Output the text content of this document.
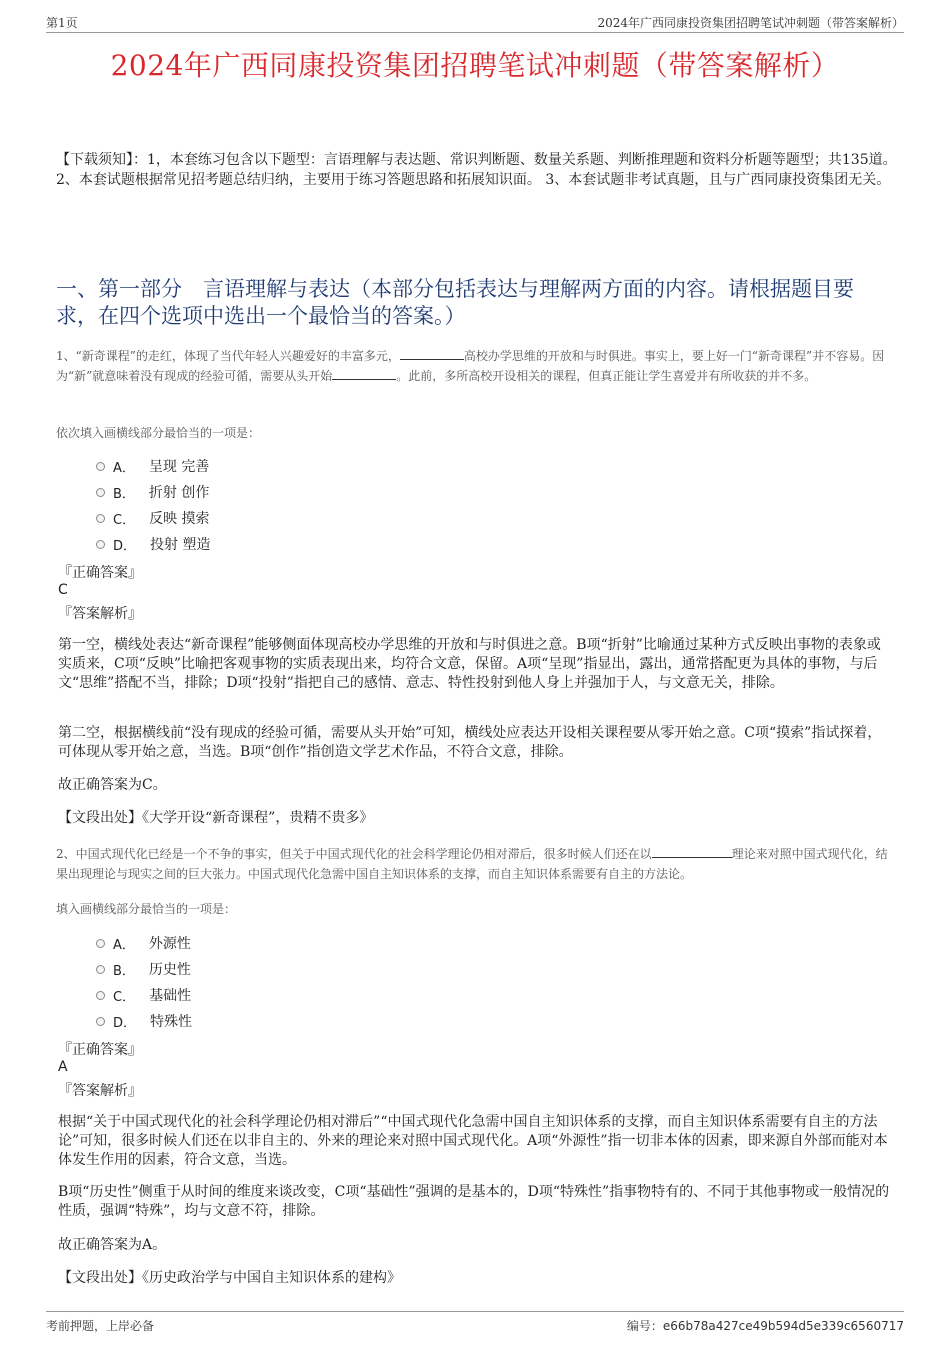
第1页	2024年广西同康投资集团招聘笔试冲刺题（带答案解析）
2024年广西同康投资集团招聘笔试冲刺题（带答案解析）
【下载须知】：1，本套练习包含以下题型：言语理解与表达题、常识判断题、数量关系题、判断推理题和资料分析题等题型；共135道。 2、本套试题根据常见招考题总结归纳，主要用于练习答题思路和拓展知识面。 3、本套试题非考试真题，且与广西同康投资集团无关。
一、第一部分　言语理解与表达（本部分包括表达与理解两方面的内容。请根据题目要求，在四个选项中选出一个最恰当的答案。）
1、“新奇课程”的走红，体现了当代年轻人兴趣爱好的丰富多元，	高校办学思维的开放和与时俱进。事实上，要上好一门“新奇课程”并不容易。因为“新”就意味着没有现成的经验可循，需要从头开始	。此前，多所高校开设相关的课程，但真正能让学生喜爱并有所收获的并不多。
依次填入画横线部分最恰当的一项是：
A． 呈现 完善
B． 折射 创作
C． 反映 摸索
D． 投射 塑造
『正确答案』
C
『答案解析』
第一空，横线处表达“新奇课程”能够侧面体现高校办学思维的开放和与时俱进之意。B项“折射”比喻通过某种方式反映出事物的表象或实质来，C项“反映”比喻把客观事物的实质表现出来，均符合文意，保留。A项“呈现”指显出，露出，通常搭配更为具体的事物，与后文“思维”搭配不当，排除；D项“投射”指把自己的感情、意志、特性投射到他人身上并强加于人，与文意无关，排除。
第二空，根据横线前“没有现成的经验可循，需要从头开始”可知，横线处应表达开设相关课程要从零开始之意。C项“摸索”指试探着，可体现从零开始之意，当选。B项“创作”指创造文学艺术作品，不符合文意，排除。
故正确答案为C。
【文段出处】《大学开设“新奇课程”，贵精不贵多》
2、中国式现代化已经是一个不争的事实，但关于中国式现代化的社会科学理论仍相对滞后，很多时候人们还在以	理论来对照中国式现代化，结果出现理论与现实之间的巨大张力。中国式现代化急需中国自主知识体系的支撑，而自主知识体系需要有自主的方法论。
填入画横线部分最恰当的一项是：
A． 外源性
B． 历史性
C． 基础性
D． 特殊性
『正确答案』
A
『答案解析』
根据“关于中国式现代化的社会科学理论仍相对滞后”“中国式现代化急需中国自主知识体系的支撑，而自主知识体系需要有自主的方法论”可知，很多时候人们还在以非自主的、外来的理论来对照中国式现代化。A项“外源性”指一切非本体的因素，即来源自外部而能对本体发生作用的因素，符合文意，当选。
B项“历史性”侧重于从时间的维度来谈改变，C项“基础性”强调的是基本的，D项“特殊性”指事物特有的、不同于其他事物或一般情况的性质，强调“特殊”，均与文意不符，排除。
故正确答案为A。
【文段出处】《历史政治学与中国自主知识体系的建构》
考前押题，上岸必备	编号：e66b78a427ce49b594d5e339c6560717
